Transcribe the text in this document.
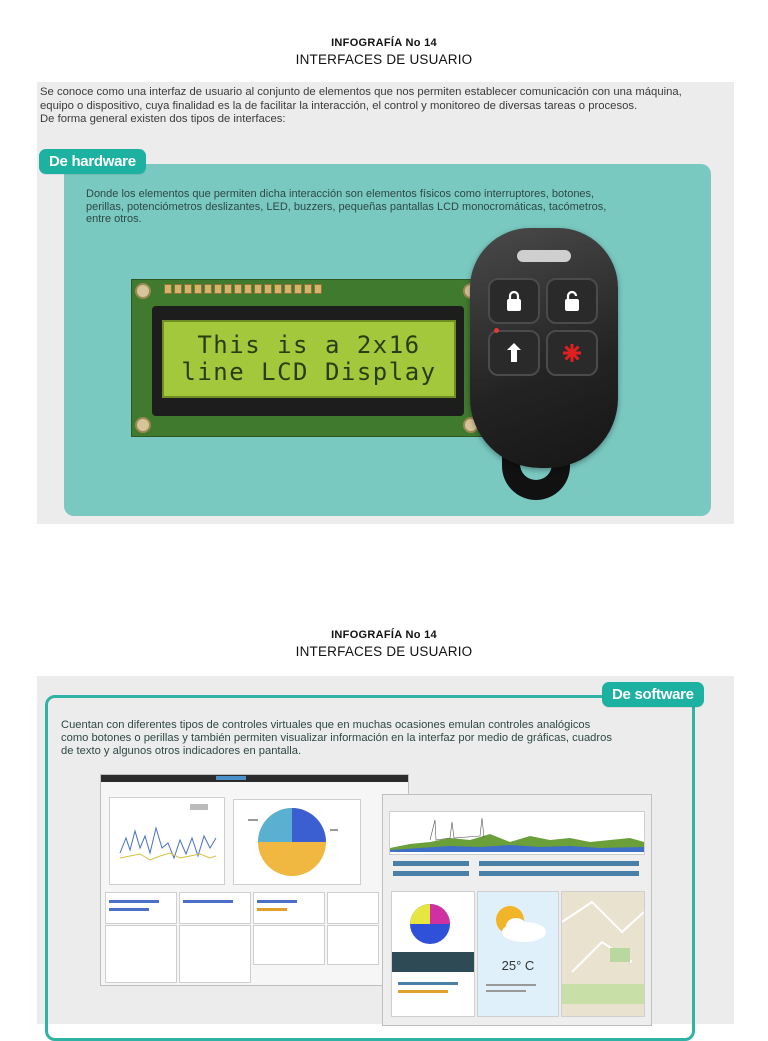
INFOGRAFÍA No 14
INTERFACES DE USUARIO
Se conoce como una interfaz de usuario al conjunto de elementos que nos permiten establecer comunicación con una máquina,
equipo o dispositivo, cuya finalidad es la de facilitar la interacción, el control y monitoreo de diversas tareas o procesos.
De forma general existen dos tipos de interfaces:
De hardware
Donde los elementos que permiten dicha interacción son elementos físicos como interruptores, botones,
perillas, potenciómetros deslizantes, LED, buzzers, pequeñas pantallas LCD monocromáticas, tacómetros,
entre otros.
This is a 2x16
line LCD Display
INFOGRAFÍA No 14
INTERFACES DE USUARIO
De software
Cuentan con diferentes tipos de controles virtuales que en muchas ocasiones emulan controles analógicos
como botones o perillas y también permiten visualizar información en la interfaz por medio de gráficas, cuadros
de texto y algunos otros indicadores en pantalla.
25° C
